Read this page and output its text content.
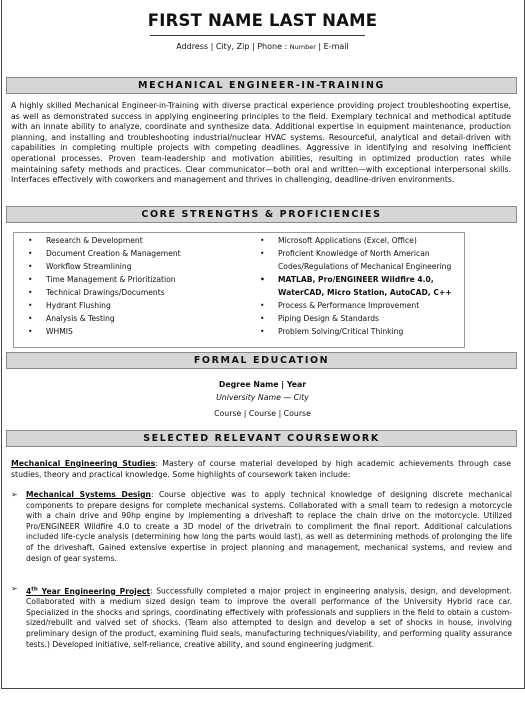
FIRST NAME LAST NAME
Address | City, Zip | Phone : Number | E-mail
MECHANICAL ENGINEER-IN-TRAINING
A highly skilled Mechanical Engineer-in-Training with diverse practical experience providing project troubleshooting expertise, as well as demonstrated success in applying engineering principles to the field. Exemplary technical and methodical aptitude with an innate ability to analyze, coordinate and synthesize data. Additional expertise in equipment maintenance, production planning, and installing and troubleshooting industrial/nuclear HVAC systems. Resourceful, analytical and detail-driven with capabilities in completing multiple projects with competing deadlines. Aggressive in identifying and resolving inefficient operational processes. Proven team-leadership and motivation abilities, resulting in optimized production rates while maintaining safety methods and practices. Clear communicator—both oral and written—with exceptional interpersonal skills. Interfaces effectively with coworkers and management and thrives in challenging, deadline-driven environments.
CORE STRENGTHS & PROFICIENCIES
• Research & Development
• Document Creation & Management
• Workflow Streamlining
• Time Management & Prioritization
• Technical Drawings/Documents
• Hydrant Flushing
• Analysis & Testing
• WHMIS
• Microsoft Applications (Excel, Office)
• Proficient Knowledge of North American
Codes/Regulations of Mechanical Engineering
• MATLAB, Pro/ENGINEER Wildfire 4.0,
WaterCAD, Micro Station, AutoCAD, C++
• Process & Performance Improvement
• Piping Design & Standards
• Problem Solving/Critical Thinking
FORMAL EDUCATION
Degree Name | Year
University Name — City
Course | Course | Course
SELECTED RELEVANT COURSEWORK
Mechanical Engineering Studies: Mastery of course material developed by high academic achievements through case studies, theory and practical knowledge. Some highlights of coursework taken include:
➢ Mechanical Systems Design: Course objective was to apply technical knowledge of designing discrete mechanical components to prepare designs for complete mechanical systems. Collaborated with a small team to redesign a motorcycle with a chain drive and 90hp engine by implementing a driveshaft to replace the chain drive on the motorcycle. Utilized Pro/ENGINEER Wildfire 4.0 to create a 3D model of the drivetrain to compliment the final report. Additional calculations included life-cycle analysis (determining how long the parts would last), as well as determining methods of prolonging the life of the driveshaft. Gained extensive expertise in project planning and management, mechanical systems, and review and design of gear systems.
➢ 4th Year Engineering Project: Successfully completed a major project in engineering analysis, design, and development. Collaborated with a medium sized design team to improve the overall performance of the University Hybrid race car. Specialized in the shocks and springs, coordinating effectively with professionals and suppliers in the field to obtain a custom-sized/rebuilt and valved set of shocks. (Team also attempted to design and develop a set of shocks in house, involving preliminary design of the product, examining fluid seals, manufacturing techniques/viability, and performing quality assurance tests.) Developed initiative, self-reliance, creative ability, and sound engineering judgment.
